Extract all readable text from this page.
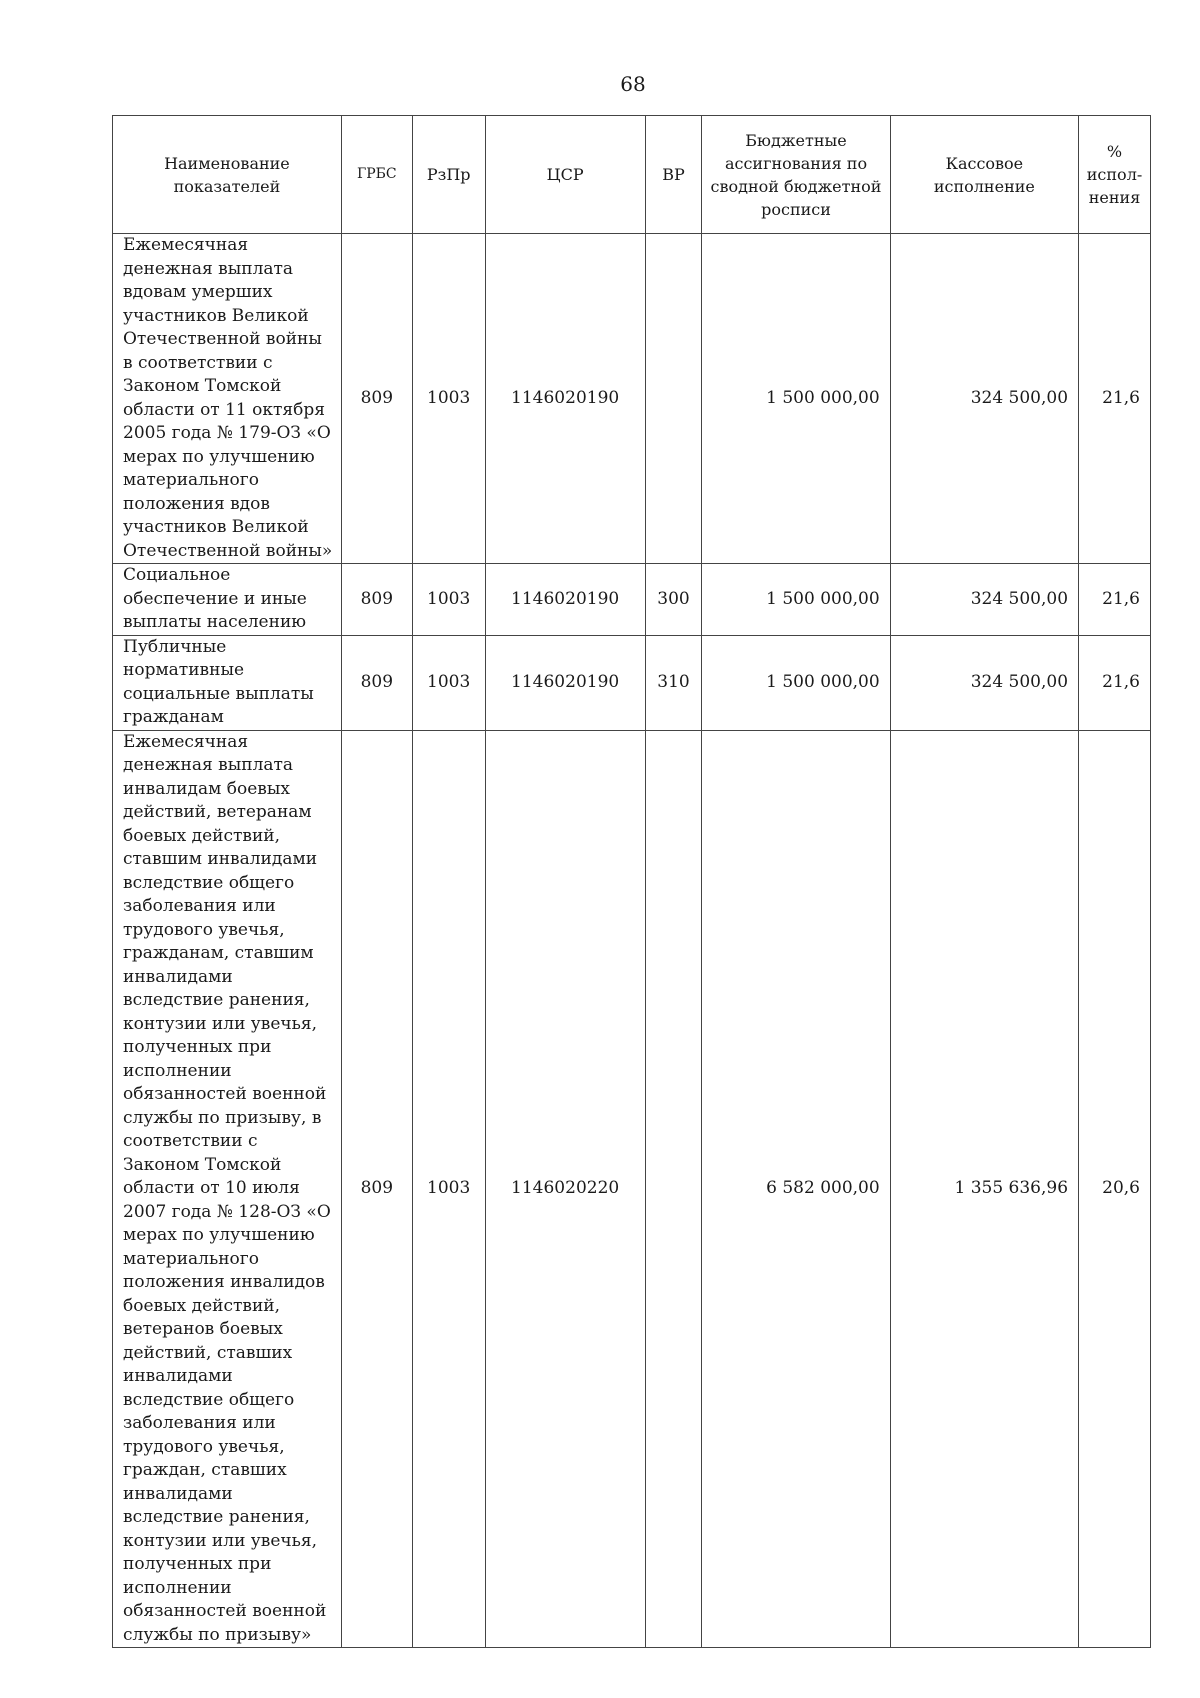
68
Наименование показателей	ГРБС	РзПр	ЦСР	ВР	Бюджетные ассигнования по сводной бюджетной росписи	Кассовое исполнение	% испол-нения
Ежемесячная денежная выплата вдовам умерших участников Великой Отечественной войны в соответствии с Законом Томской области от 11 октября 2005 года № 179-ОЗ «О мерах по улучшению материального положения вдов участников Великой Отечественной войны»	809	1003	1146020190		1 500 000,00	324 500,00	21,6
Социальное обеспечение и иные выплаты населению	809	1003	1146020190	300	1 500 000,00	324 500,00	21,6
Публичные нормативные социальные выплаты гражданам	809	1003	1146020190	310	1 500 000,00	324 500,00	21,6
Ежемесячная денежная выплата инвалидам боевых действий, ветеранам боевых действий, ставшим инвалидами вследствие общего заболевания или трудового увечья, гражданам, ставшим инвалидами вследствие ранения, контузии или увечья, полученных при исполнении обязанностей военной службы по призыву, в соответствии с Законом Томской области от 10 июля 2007 года № 128-ОЗ «О мерах по улучшению материального положения инвалидов боевых действий, ветеранов боевых действий, ставших инвалидами вследствие общего заболевания или трудового увечья, граждан, ставших инвалидами вследствие ранения, контузии или увечья, полученных при исполнении обязанностей военной службы по призыву»	809	1003	1146020220		6 582 000,00	1 355 636,96	20,6
